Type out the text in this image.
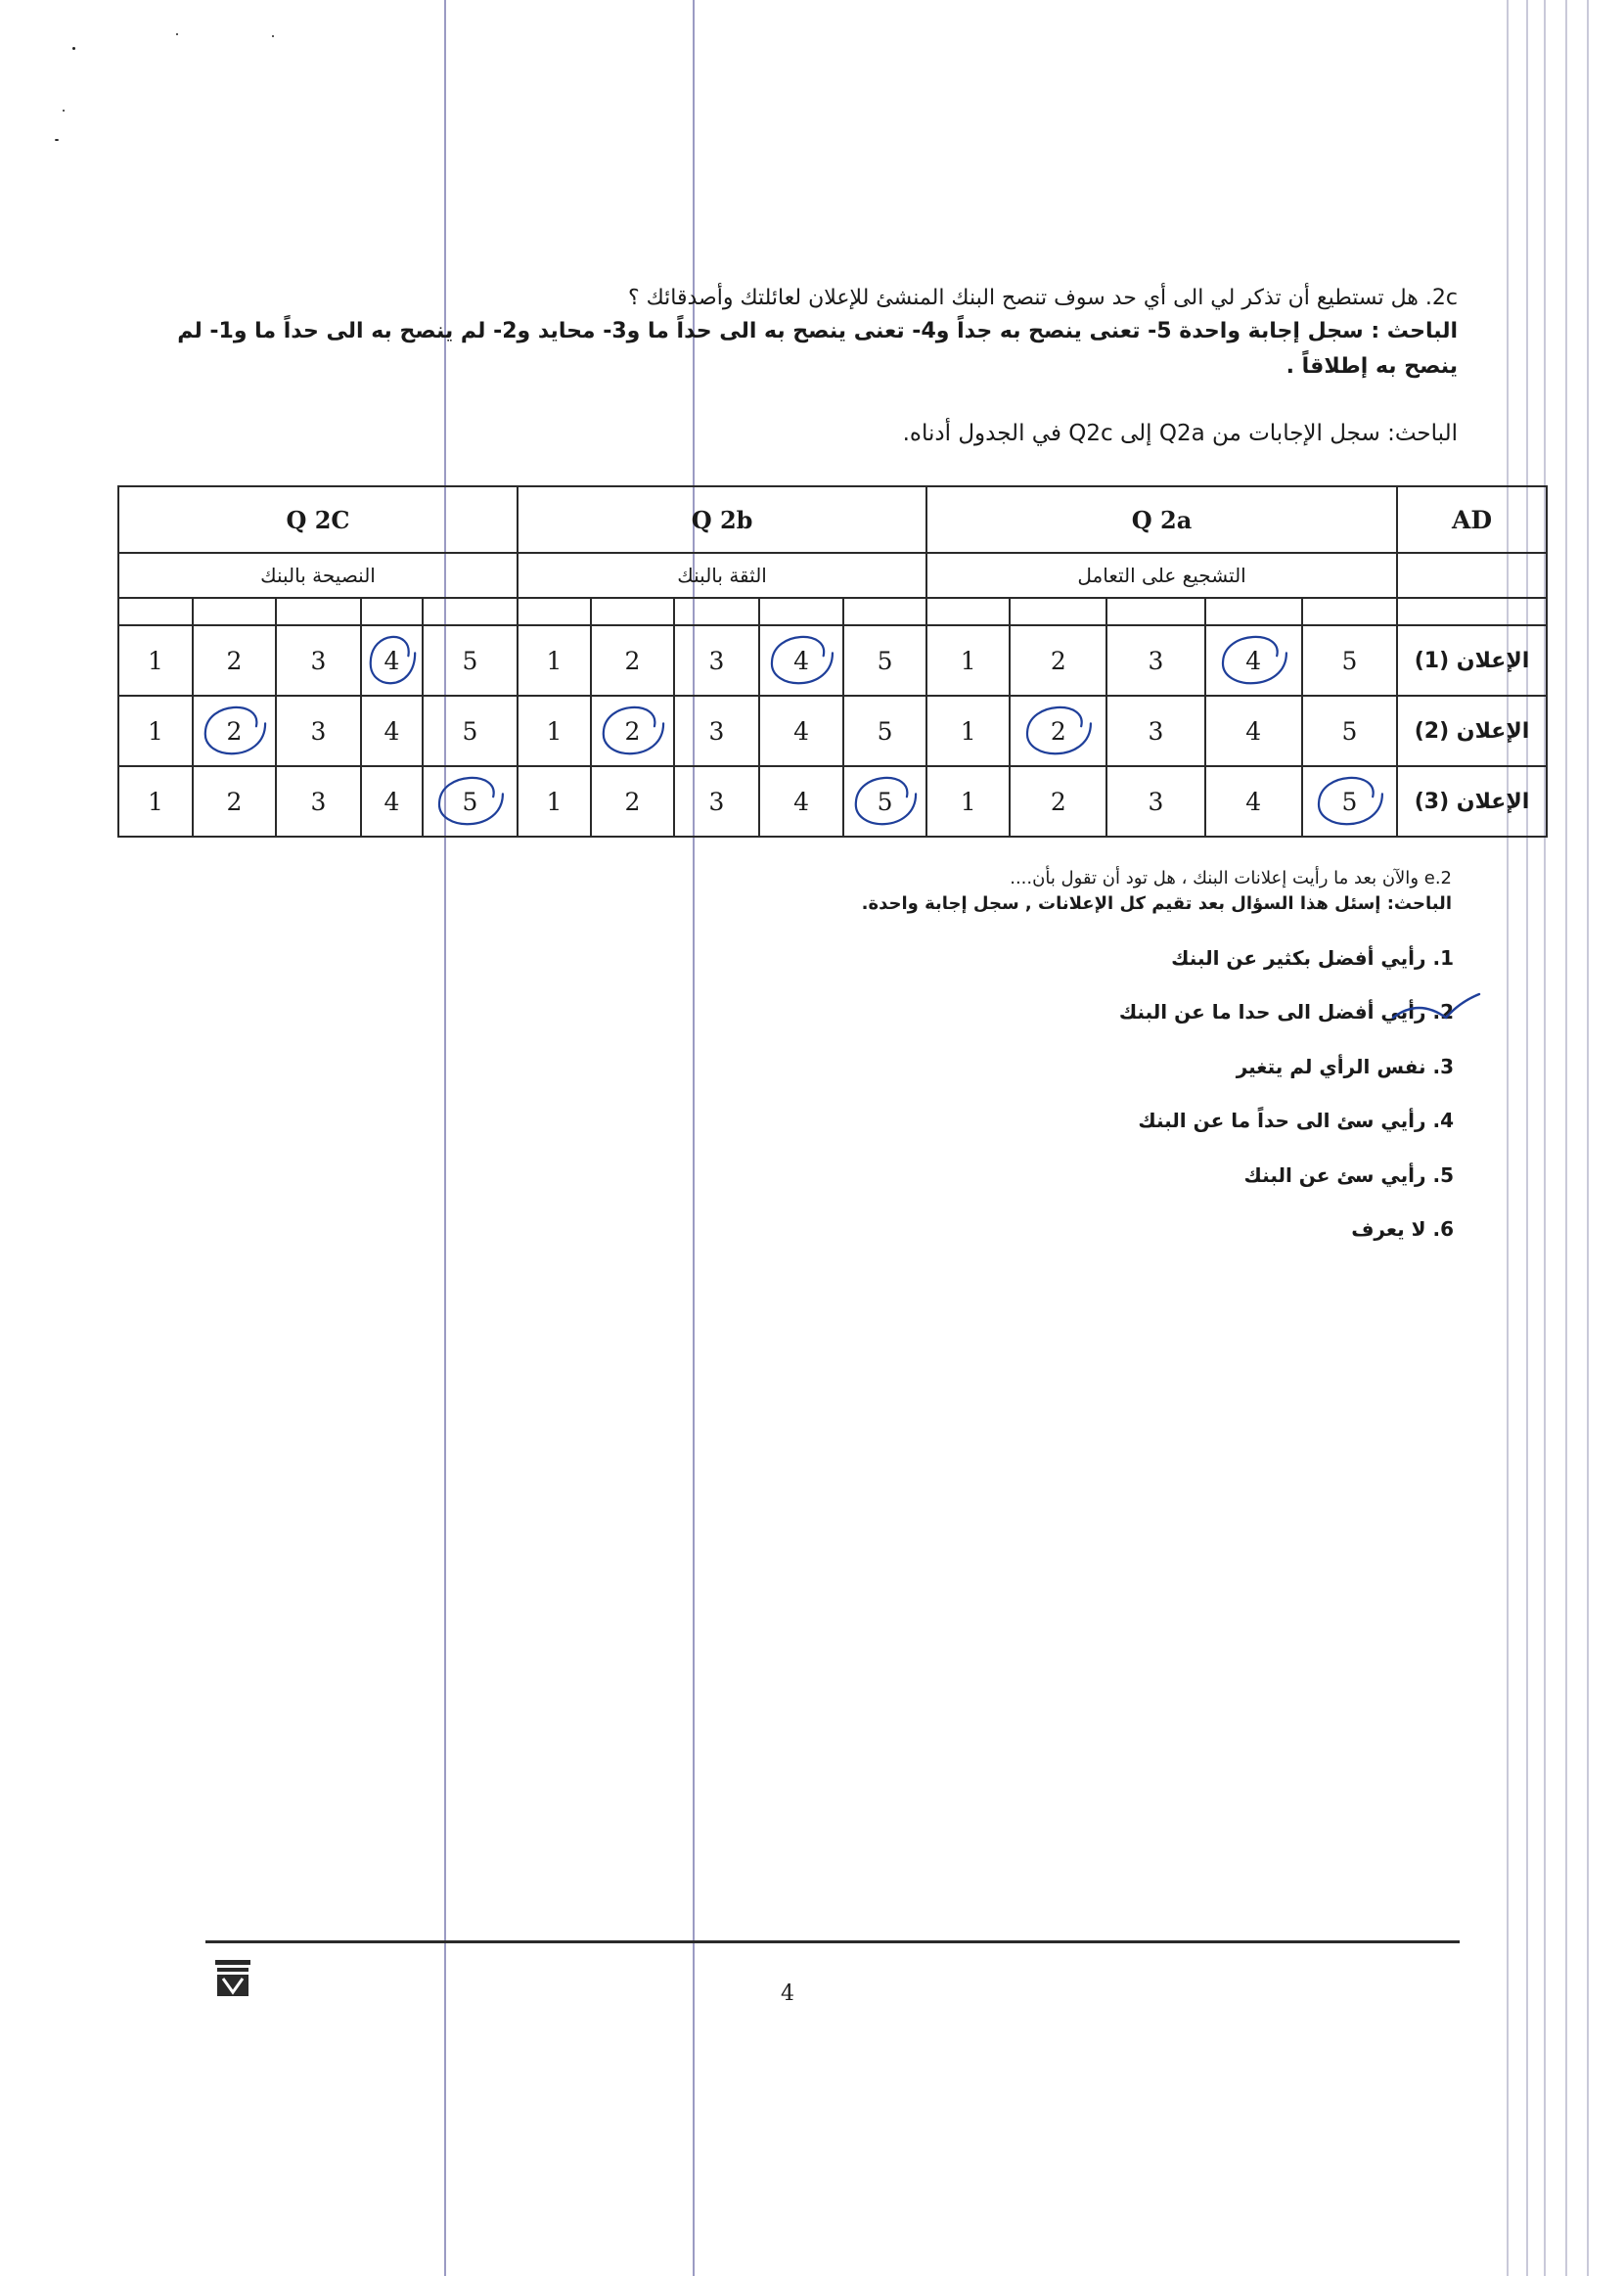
2c. هل تستطيع أن تذكر لي الى أي حد سوف تنصح البنك المنشئ للإعلان لعائلتك وأصدقائك ؟
الباحث : سجل إجابة واحدة 5- تعنى ينصح به جداً و4- تعنى ينصح به الى حداً ما و3- محايد و2- لم ينصح به الى حداً ما و1- لم
ينصح به إطلاقاً .
الباحث: سجل الإجابات من Q2a إلى Q2c في الجدول أدناه.
Q 2C					Q 2b					Q 2a					AD
النصيحة بالبنك					الثقة بالبنك					التشجيع على التعامل					

1	2	3	4	5	1	2	3	4	5	1	2	3	4	5	الإعلان (1)
1	2	3	4	5	1	2	3	4	5	1	2	3	4	5	الإعلان (2)
1	2	3	4	5	1	2	3	4	5	1	2	3	4	5	الإعلان (3)
2.e والآن بعد ما رأيت إعلانات البنك ، هل تود أن تقول بأن....
الباحث: إسئل هذا السؤال بعد تقيم كل الإعلانات , سجل إجابة واحدة.
1. رأيي أفضل بكثير عن البنك
2. رأيي أفضل الى حدا ما عن البنك
3. نفس الرأي لم يتغير
4. رأيي سئ الى حداً ما عن البنك
5. رأيي سئ عن البنك
6. لا يعرف
4
